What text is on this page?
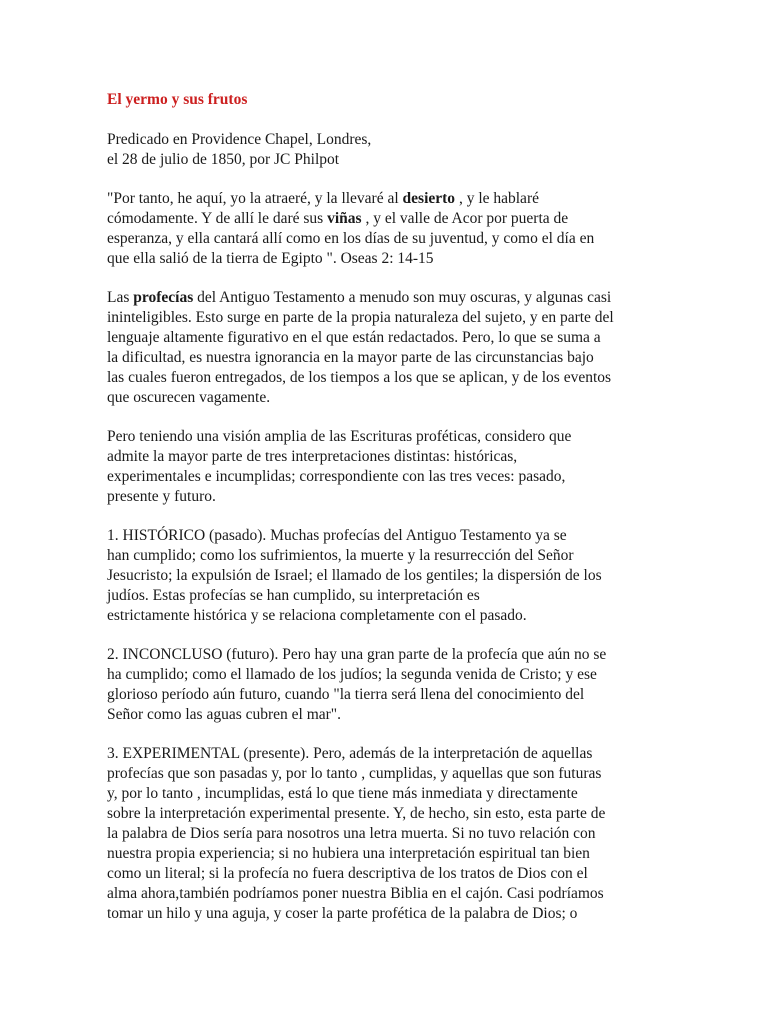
El yermo y sus frutos

Predicado en Providence Chapel, Londres,
el 28 de julio de 1850, por JC Philpot

"Por tanto, he aquí, yo la atraeré, y la llevaré al desierto , y le hablaré
cómodamente. Y de allí le daré sus viñas , y el valle de Acor por puerta de
esperanza, y ella cantará allí como en los días de su juventud, y como el día en
que ella salió de la tierra de Egipto ". Oseas 2: 14-15

Las profecías del Antiguo Testamento a menudo son muy oscuras, y algunas casi
ininteligibles. Esto surge en parte de la propia naturaleza del sujeto, y en parte del
lenguaje altamente figurativo en el que están redactados. Pero, lo que se suma a
la dificultad, es nuestra ignorancia en la mayor parte de las circunstancias bajo
las cuales fueron entregados, de los tiempos a los que se aplican, y de los eventos
que oscurecen vagamente.

Pero teniendo una visión amplia de las Escrituras proféticas, considero que
admite la mayor parte de tres interpretaciones distintas: históricas,
experimentales e incumplidas; correspondiente con las tres veces: pasado,
presente y futuro.

1. HISTÓRICO (pasado). Muchas profecías del Antiguo Testamento ya se
han cumplido; como los sufrimientos, la muerte y la resurrección del Señor
Jesucristo; la expulsión de Israel; el llamado de los gentiles; la dispersión de los
judíos. Estas profecías se han cumplido, su interpretación es
estrictamente histórica y se relaciona completamente con el pasado.

2. INCONCLUSO (futuro). Pero hay una gran parte de la profecía que aún no se
ha cumplido; como el llamado de los judíos; la segunda venida de Cristo; y ese
glorioso período aún futuro, cuando "la tierra será llena del conocimiento del
Señor como las aguas cubren el mar".

3. EXPERIMENTAL (presente). Pero, además de la interpretación de aquellas
profecías que son pasadas y, por lo tanto , cumplidas, y aquellas que son futuras
y, por lo tanto , incumplidas, está lo que tiene más inmediata y directamente
sobre la interpretación experimental presente. Y, de hecho, sin esto, esta parte de
la palabra de Dios sería para nosotros una letra muerta. Si no tuvo relación con
nuestra propia experiencia; si no hubiera una interpretación espiritual tan bien
como un literal; si la profecía no fuera descriptiva de los tratos de Dios con el
alma ahora,también podríamos poner nuestra Biblia en el cajón. Casi podríamos
tomar un hilo y una aguja, y coser la parte profética de la palabra de Dios; o
